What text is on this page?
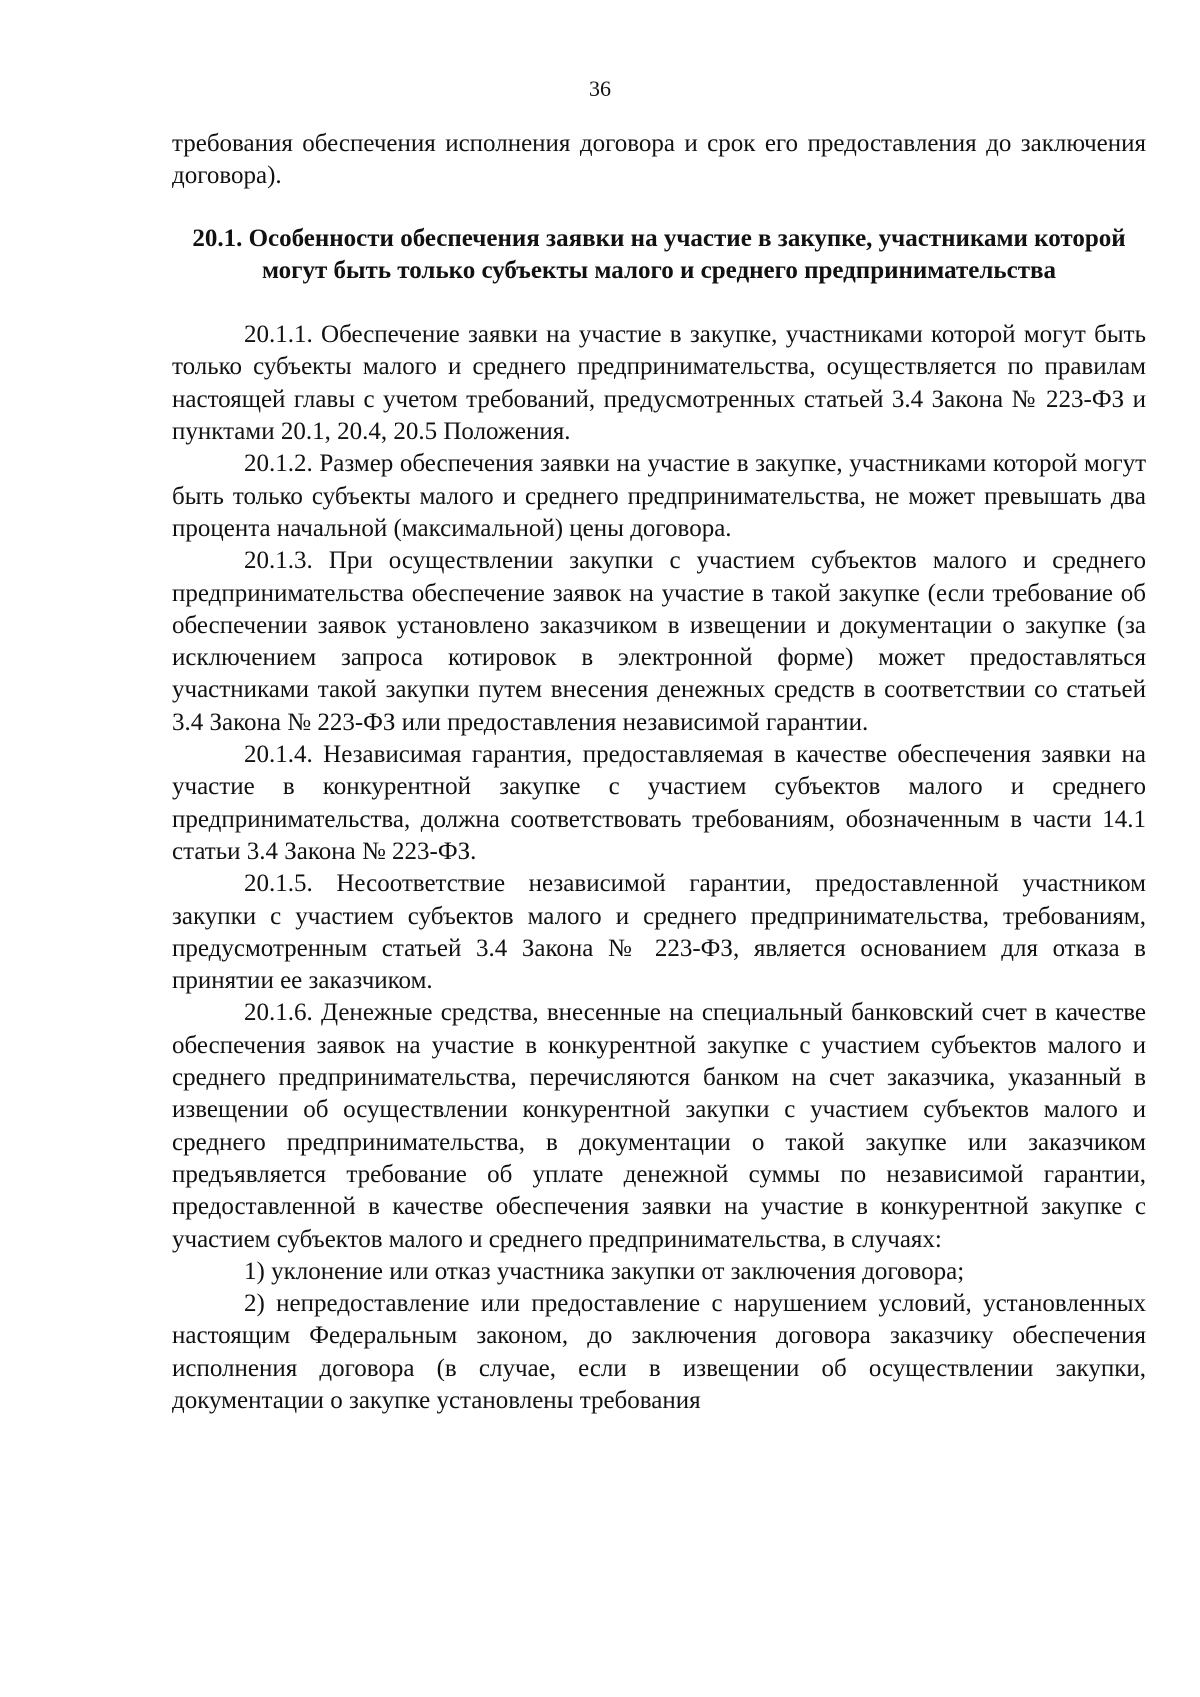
36

требования обеспечения исполнения договора и срок его предоставления до заключения договора).

20.1. Особенности обеспечения заявки на участие в закупке, участниками которой могут быть только субъекты малого и среднего предпринимательства

20.1.1. Обеспечение заявки на участие в закупке, участниками которой могут быть только субъекты малого и среднего предпринимательства, осуществляется по правилам настоящей главы с учетом требований, предусмотренных статьей 3.4 Закона № 223-ФЗ и пунктами 20.1, 20.4, 20.5 Положения.

20.1.2. Размер обеспечения заявки на участие в закупке, участниками которой могут быть только субъекты малого и среднего предпринимательства, не может превышать два процента начальной (максимальной) цены договора.

20.1.3. При осуществлении закупки с участием субъектов малого и среднего предпринимательства обеспечение заявок на участие в такой закупке (если требование об обеспечении заявок установлено заказчиком в извещении и документации о закупке (за исключением запроса котировок в электронной форме) может предоставляться участниками такой закупки путем внесения денежных средств в соответствии со статьей 3.4 Закона № 223-ФЗ или предоставления независимой гарантии.

20.1.4. Независимая гарантия, предоставляемая в качестве обеспечения заявки на участие в конкурентной закупке с участием субъектов малого и среднего предпринимательства, должна соответствовать требованиям, обозначенным в части 14.1 статьи 3.4 Закона № 223-ФЗ.

20.1.5. Несоответствие независимой гарантии, предоставленной участником закупки с участием субъектов малого и среднего предпринимательства, требованиям, предусмотренным статьей 3.4 Закона № 223-ФЗ, является основанием для отказа в принятии ее заказчиком.

20.1.6. Денежные средства, внесенные на специальный банковский счет в качестве обеспечения заявок на участие в конкурентной закупке с участием субъектов малого и среднего предпринимательства, перечисляются банком на счет заказчика, указанный в извещении об осуществлении конкурентной закупки с участием субъектов малого и среднего предпринимательства, в документации о такой закупке или заказчиком предъявляется требование об уплате денежной суммы по независимой гарантии, предоставленной в качестве обеспечения заявки на участие в конкурентной закупке с участием субъектов малого и среднего предпринимательства, в случаях:

1) уклонение или отказ участника закупки от заключения договора;

2) непредоставление или предоставление с нарушением условий, установленных настоящим Федеральным законом, до заключения договора заказчику обеспечения исполнения договора (в случае, если в извещении об осуществлении закупки, документации о закупке установлены требования
